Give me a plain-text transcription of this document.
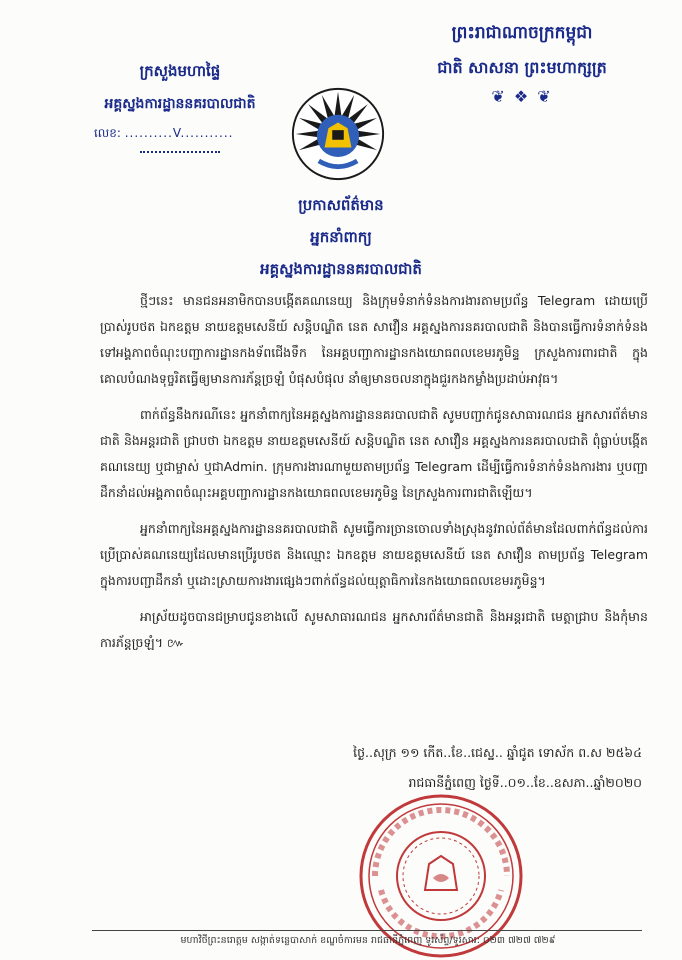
ព្រះរាជាណាចក្រកម្ពុជា
ជាតិ សាសនា ព្រះមហាក្សត្រ
❦ ❖ ❦
ក្រសួងមហាផ្ទៃ
អគ្គស្នងការដ្ឋាននគរបាលជាតិ
លេខ: ..........V...........
ប្រកាសព័ត៌មាន
អ្នកនាំពាក្យ
អគ្គស្នងការដ្ឋាននគរបាលជាតិ

ថ្មីៗនេះ មានជនអនាមិកបានបង្កើតគណនេយ្យ និងក្រុមទំនាក់ទំនងការងារតាមប្រព័ន្ធ Telegram ដោយប្រើប្រាស់រូបថត ឯកឧត្តម នាយឧត្តមសេនីយ៍ សន្តិបណ្ឌិត នេត សាវឿន អគ្គស្នងការនគរបាលជាតិ និងបានធ្វើការទំនាក់ទំនងទៅអង្គភាពចំណុះបញ្ជាការដ្ឋានកងទ័ពជើងទឹក នៃអគ្គបញ្ជាការដ្ឋានកងយោធពលខេមរភូមិន្ទ ក្រសួងការពារជាតិ ក្នុងគោលបំណងទុច្ចរិតធ្វើឲ្យមានការភ័ន្តច្រឡំ បំផុសបំផុល នាំឲ្យមានចលនាក្នុងជួរកងកម្លាំងប្រដាប់អាវុធ។

ពាក់ព័ន្ធនឹងករណីនេះ អ្នកនាំពាក្យនៃអគ្គស្នងការដ្ឋាននគរបាលជាតិ សូមបញ្ជាក់ជូនសាធារណជន អ្នកសារព័ត៌មានជាតិ និងអន្តរជាតិ ជ្រាបថា ឯកឧត្តម នាយឧត្តមសេនីយ៍ សន្តិបណ្ឌិត នេត សាវឿន អគ្គស្នងការនគរបាលជាតិ ពុំធ្លាប់បង្កើតគណនេយ្យ ឬជាម្ចាស់ ឬជាAdmin. ក្រុមការងារណាមួយតាមប្រព័ន្ធ Telegram ដើម្បីធ្វើការទំនាក់ទំនងការងារ ឬបញ្ជាដឹកនាំដល់អង្គភាពចំណុះអគ្គបញ្ជាការដ្ឋានកងយោធពលខេមរភូមិន្ទ នៃក្រសួងការពារជាតិឡើយ។

អ្នកនាំពាក្យនៃអគ្គស្នងការដ្ឋាននគរបាលជាតិ សូមធ្វើការច្រានចោលទាំងស្រុងនូវរាល់ព័ត៌មានដែលពាក់ព័ន្ធដល់ការប្រើប្រាស់គណនេយ្យដែលមានប្រើរូបថត និងឈ្មោះ ឯកឧត្តម នាយឧត្តមសេនីយ៍ នេត សាវឿន តាមប្រព័ន្ធ Telegram ក្នុងការបញ្ជាដឹកនាំ ឬដោះស្រាយការងារផ្សេងៗពាក់ព័ន្ធដល់យុត្តាធិការនៃកងយោធពលខេមរភូមិន្ទ។

អាស្រ័យដូចបានជម្រាបជូនខាងលើ សូមសាធារណជន អ្នកសារព័ត៌មានជាតិ និងអន្តរជាតិ មេត្តាជ្រាប និងកុំមានការភ័ន្តច្រឡំ។ ៚

ថ្ងៃ..សុក្រ ១១ កើត..ខែ..ជេស្ឋ.. ឆ្នាំជូត ទោស័ក ព.ស ២៥៦៤
រាជធានីភ្នំពេញ ថ្ងៃទី..០១..ខែ..ឧសភា..ឆ្នាំ២០២០
មហាវិថីព្រះនរោត្តម សង្កាត់ទន្លេបាសាក់ ខណ្ឌចំការមន រាជធានីភ្នំពេញ ទូរស័ព្ទ/ទូរសារ: ០២៣ ៧២៧ ៧២៩
